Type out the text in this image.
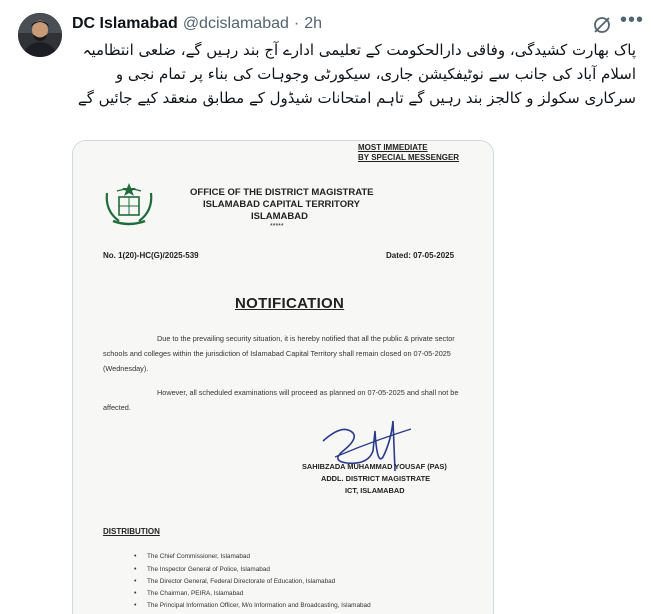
DC Islamabad @dcislamabad · 2h	•••
پاک بھارت کشیدگی، وفاقی دارالحکومت کے تعلیمی ادارے آج بند رہیں گے، ضلعی انتظامیہ اسلام آباد کی جانب سے نوٹیفکیشن جاری، سیکورٹی وجوہات کی بناء پر تمام نجی و سرکاری سکولز و کالجز بند رہیں گے تاہم امتحانات شیڈول کے مطابق منعقد کیے جائیں گے
MOST IMMEDIATE
BY SPECIAL MESSENGER
OFFICE OF THE DISTRICT MAGISTRATE
ISLAMABAD CAPITAL TERRITORY
ISLAMABAD
*****
No. 1(20)-HC(G)/2025-539	Dated: 07-05-2025
NOTIFICATION
Due to the prevailing security situation, it is hereby notified that all the public & private sector schools and colleges within the jurisdiction of Islamabad Capital Territory shall remain closed on 07-05-2025 (Wednesday).
However, all scheduled examinations will proceed as planned on 07-05-2025 and shall not be affected.
SAHIBZADA MUHAMMAD YOUSAF (PAS)
ADDL. DISTRICT MAGISTRATE
ICT, ISLAMABAD
DISTRIBUTION
• The Chief Commissioner, Islamabad
• The Inspector General of Police, Islamabad
• The Director General, Federal Directorate of Education, Islamabad
• The Chairman, PEIRA, Islamabad
• The Principal Information Officer, M/o Information and Broadcasting, Islamabad
